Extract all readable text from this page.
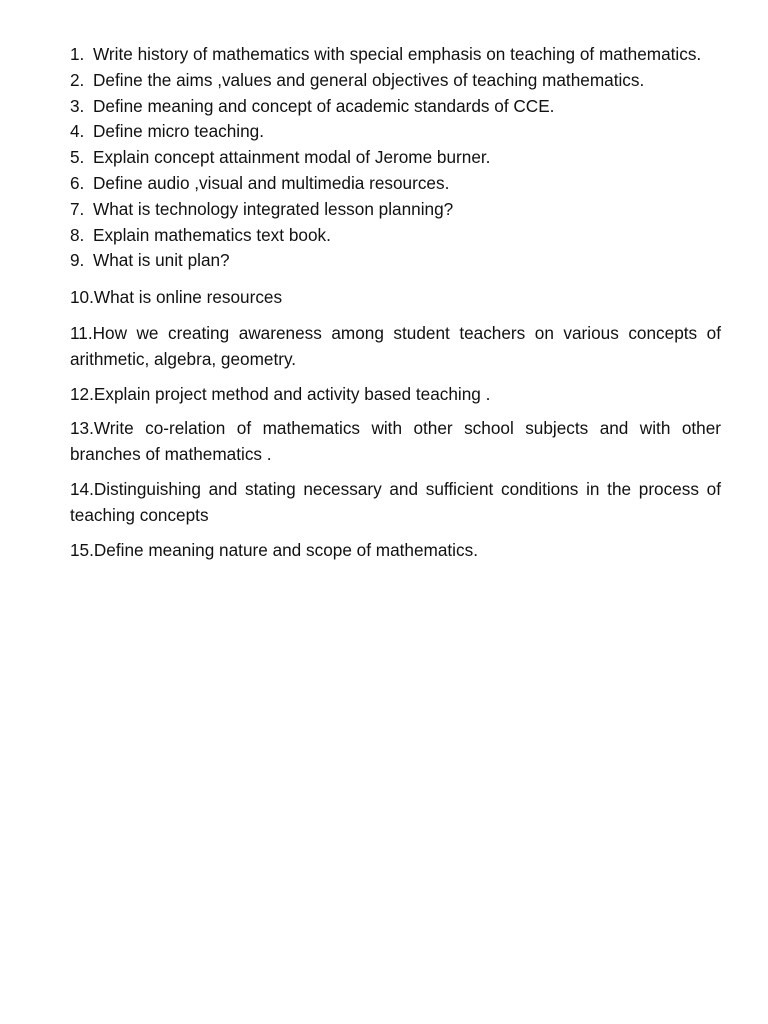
1. Write history of mathematics with special emphasis on teaching of mathematics.
2. Define the aims ,values and general objectives of teaching mathematics.
3. Define meaning and concept of academic standards of CCE.
4. Define micro teaching.
5. Explain concept attainment modal of Jerome burner.
6. Define audio ,visual and multimedia resources.
7. What is technology integrated lesson planning?
8. Explain mathematics text book.
9. What is unit plan?

10.What is online resources

11.How we creating awareness among student teachers on various concepts of arithmetic, algebra, geometry.

12.Explain project method and activity based teaching .

13.Write co-relation of mathematics with other school subjects and with other branches of mathematics .

14.Distinguishing and stating necessary and sufficient conditions in the process of teaching concepts

15.Define meaning nature and scope of mathematics.
